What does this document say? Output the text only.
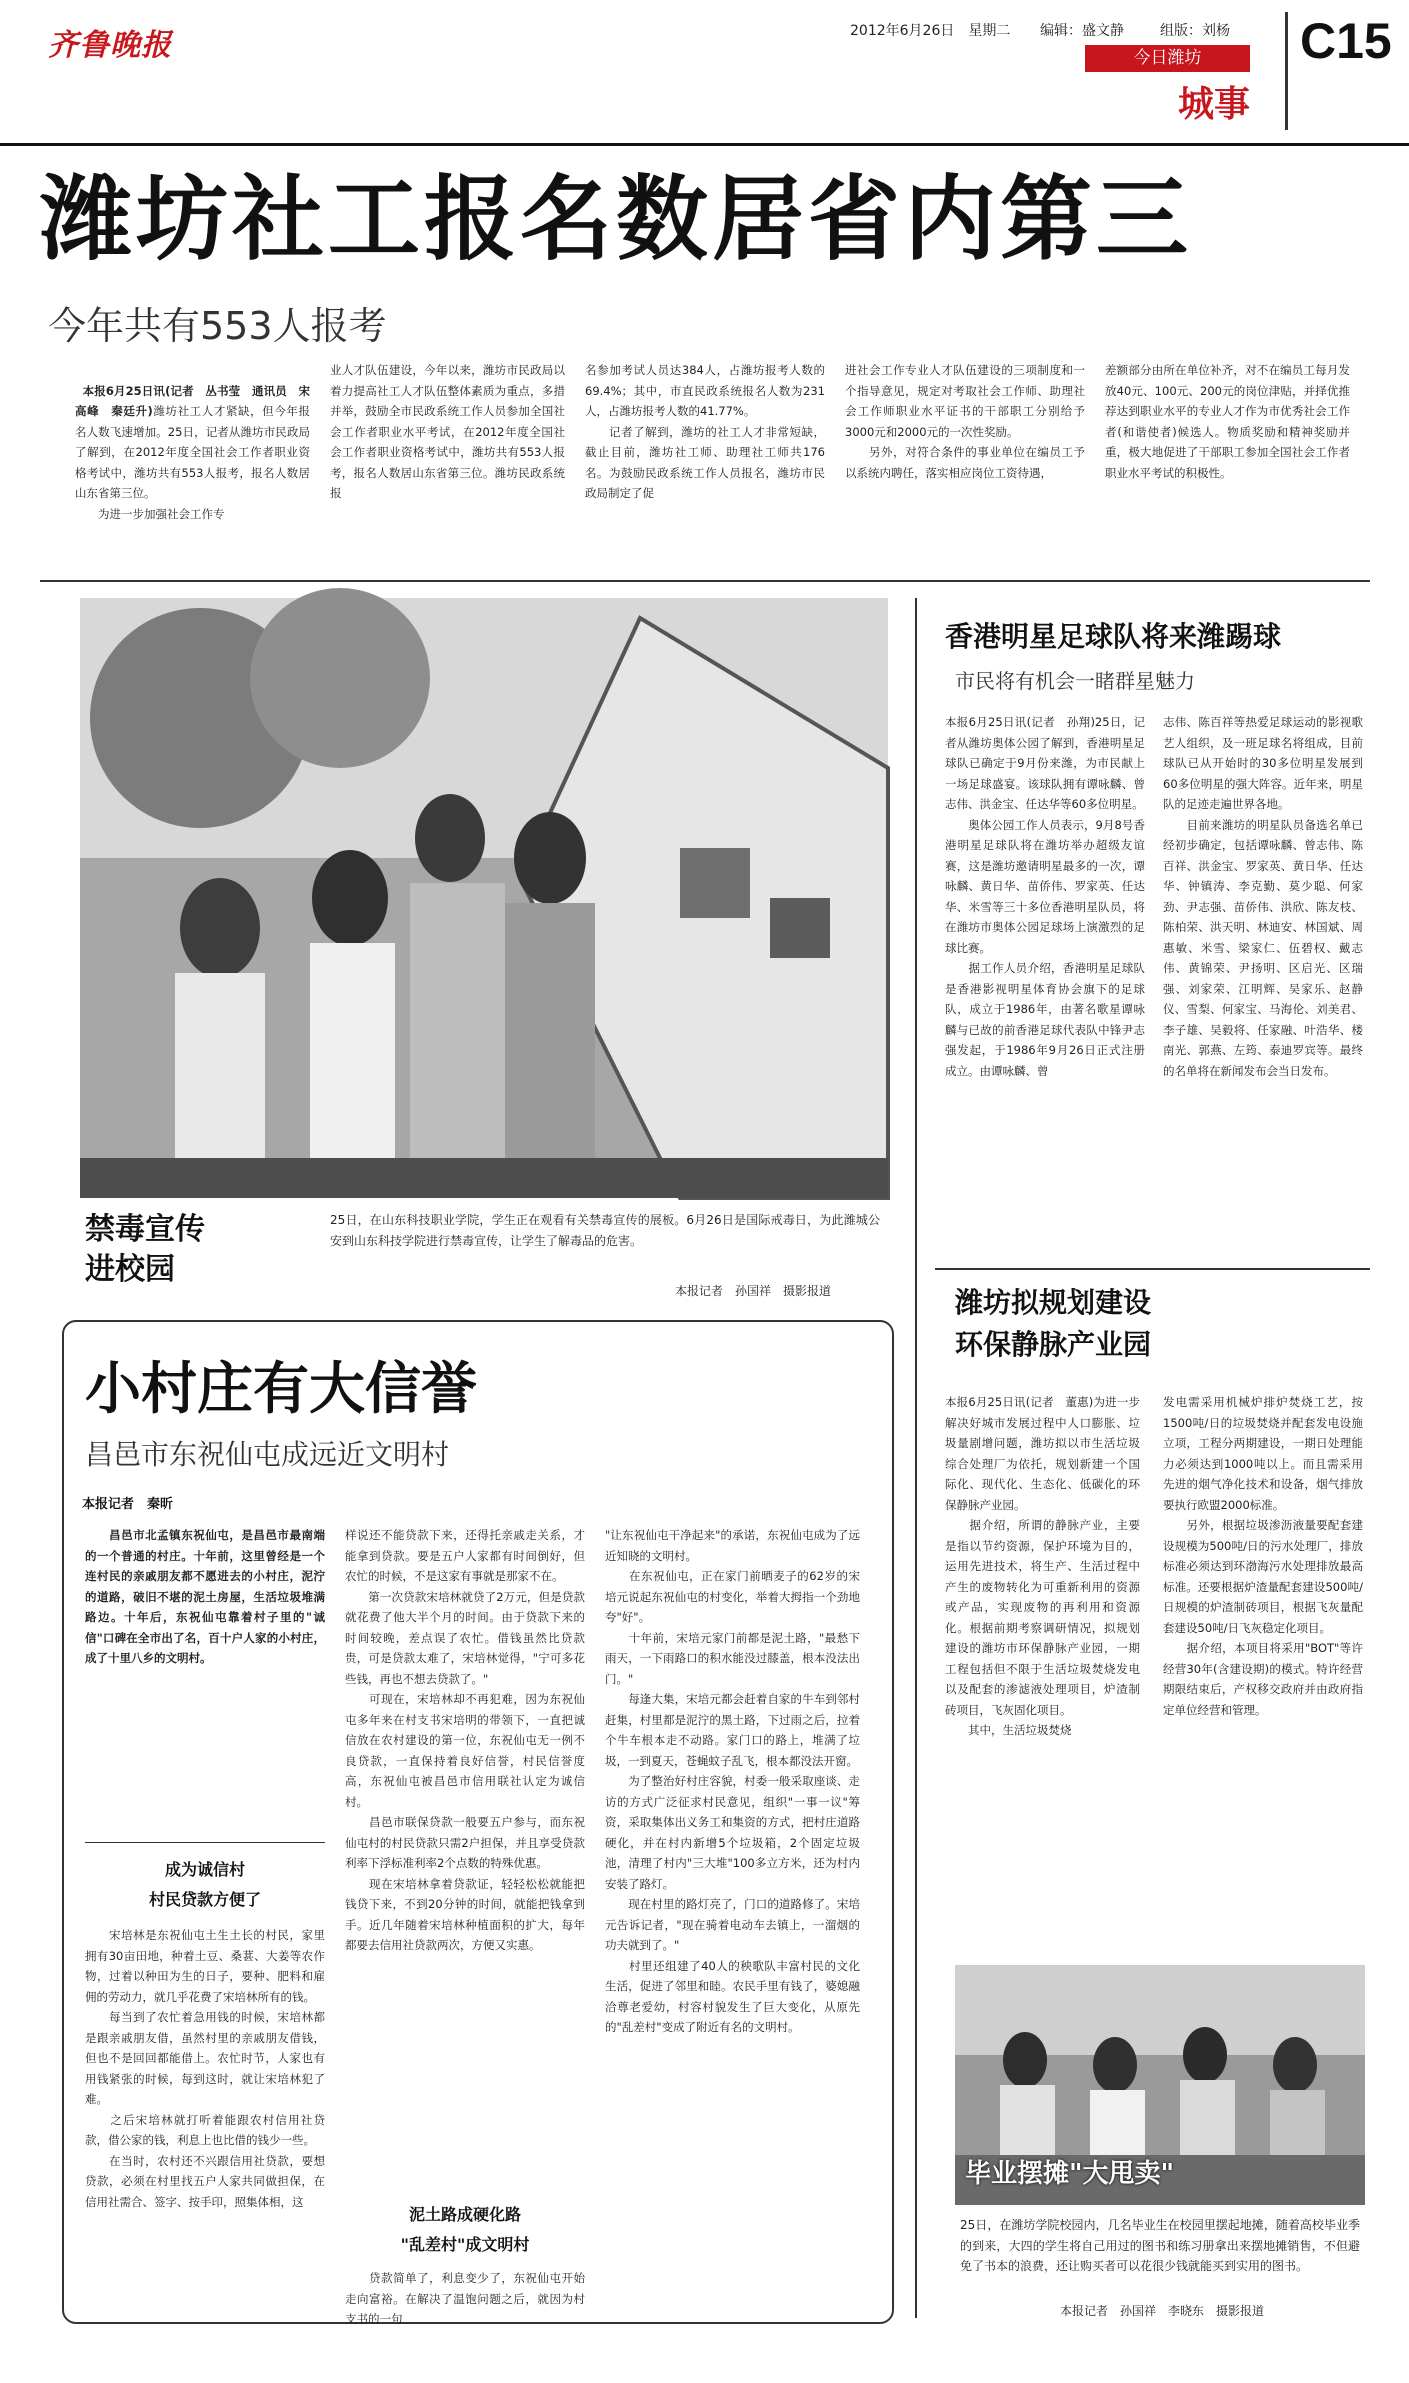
齐鲁晚报	2012年6月26日　星期二 编辑：盛文静	组版：刘杨
今日潍坊
城事
C15
潍坊社工报名数居省内第三
今年共有553人报考

本报6月25日讯(记者　丛书莹　通讯员　宋高峰　秦廷升)潍坊社工人才紧缺，但今年报名人数飞速增加。25日，记者从潍坊市民政局了解到，在2012年度全国社会工作者职业资格考试中，潍坊共有553人报考，报名人数居山东省第三位。
　　为进一步加强社会工作专

业人才队伍建设，今年以来，潍坊市民政局以着力提高社工人才队伍整体素质为重点，多措并举，鼓励全市民政系统工作人员参加全国社会工作者职业水平考试，在2012年度全国社会工作者职业资格考试中，潍坊共有553人报考，报名人数居山东省第三位。潍坊民政系统报
名参加考试人员达384人，占潍坊报考人数的69.4%；其中，市直民政系统报名人数为231人，占潍坊报考人数的41.77%。
　　记者了解到，潍坊的社工人才非常短缺，截止目前，潍坊社工师、助理社工师共176名。为鼓励民政系统工作人员报名，潍坊市民政局制定了促
进社会工作专业人才队伍建设的三项制度和一个指导意见，规定对考取社会工作师、助理社会工作师职业水平证书的干部职工分别给予3000元和2000元的一次性奖励。
　　另外，对符合条件的事业单位在编员工予以系统内聘任，落实相应岗位工资待遇，
差额部分由所在单位补齐，对不在编员工每月发放40元、100元、200元的岗位津贴，并择优推荐达到职业水平的专业人才作为市优秀社会工作者(和谐使者)候选人。物质奖励和精神奖励并重，极大地促进了干部职工参加全国社会工作者职业水平考试的积极性。
禁毒宣传
进校园
25日，在山东科技职业学院，学生正在观看有关禁毒宣传的展板。6月26日是国际戒毒日，为此潍城公安到山东科技学院进行禁毒宣传，让学生了解毒品的危害。
本报记者　孙国祥　摄影报道
香港明星足球队将来潍踢球
市民将有机会一睹群星魅力
本报6月25日讯(记者　孙翔)25日，记者从潍坊奥体公园了解到，香港明星足球队已确定于9月份来潍，为市民献上一场足球盛宴。该球队拥有谭咏麟、曾志伟、洪金宝、任达华等60多位明星。
　　奥体公园工作人员表示，9月8号香港明星足球队将在潍坊举办超级友谊赛，这是潍坊邀请明星最多的一次，谭咏麟、黄日华、苗侨伟、罗家英、任达华、米雪等三十多位香港明星队员，将在潍坊市奥体公园足球场上演激烈的足球比赛。
　　据工作人员介绍，香港明星足球队是香港影视明星体育协会旗下的足球队，成立于1986年，由著名歌星谭咏麟与已故的前香港足球代表队中锋尹志强发起，于1986年9月26日正式注册成立。由谭咏麟、曾
志伟、陈百祥等热爱足球运动的影视歌艺人组织，及一班足球名将组成，目前球队已从开始时的30多位明星发展到60多位明星的强大阵容。近年来，明星队的足迹走遍世界各地。
　　目前来潍坊的明星队员备选名单已经初步确定，包括谭咏麟、曾志伟、陈百祥、洪金宝、罗家英、黄日华、任达华、钟镇涛、李克勤、莫少聪、何家劲、尹志强、苗侨伟、洪欣、陈友枝、陈柏荣、洪天明、林迪安、林国斌、周惠敏、米雪、梁家仁、伍碧权、戴志伟、黄锦荣、尹扬明、区启光、区瑞强、刘家荣、江明辉、吴家乐、赵静仪、雪梨、何家宝、马海伦、刘美君、李子雄、吴毅将、任家融、叶浩华、楼南光、郭燕、左筠、泰迪罗宾等。最终的名单将在新闻发布会当日发布。
潍坊拟规划建设
环保静脉产业园
本报6月25日讯(记者　董惠)为进一步解决好城市发展过程中人口膨胀、垃圾量剧增问题，潍坊拟以市生活垃圾综合处理厂为依托，规划新建一个国际化、现代化、生态化、低碳化的环保静脉产业园。
　　据介绍，所谓的静脉产业，主要是指以节约资源，保护环境为目的，运用先进技术，将生产、生活过程中产生的废物转化为可重新利用的资源或产品，实现废物的再利用和资源化。根据前期考察调研情况，拟规划建设的潍坊市环保静脉产业园，一期工程包括但不限于生活垃圾焚烧发电以及配套的渗滤液处理项目，炉渣制砖项目，飞灰固化项目。
　　其中，生活垃圾焚烧
发电需采用机械炉排炉焚烧工艺，按1500吨/日的垃圾焚烧并配套发电设施立项，工程分两期建设，一期日处理能力必须达到1000吨以上。而且需采用先进的烟气净化技术和设备，烟气排放要执行欧盟2000标准。
　　另外，根据垃圾渗沥液量要配套建设规模为500吨/日的污水处理厂，排放标准必须达到环渤海污水处理排放最高标准。还要根据炉渣量配套建设500吨/日规模的炉渣制砖项目，根据飞灰量配套建设50吨/日飞灰稳定化项目。
　　据介绍，本项目将采用"BOT"等许经营30年(含建设期)的模式。特许经营期限结束后，产权移交政府并由政府指定单位经营和管理。
毕业摆摊"大甩卖"
25日，在潍坊学院校园内，几名毕业生在校园里摆起地摊，随着高校毕业季的到来，大四的学生将自己用过的图书和练习册拿出来摆地摊销售，不但避免了书本的浪费，还让购买者可以花很少钱就能买到实用的图书。
本报记者　孙国祥　李晓东　摄影报道
小村庄有大信誉
昌邑市东祝仙屯成远近文明村
本报记者　秦昕
　　昌邑市北孟镇东祝仙屯，是昌邑市最南端的一个普通的村庄。十年前，这里曾经是一个连村民的亲戚朋友都不愿进去的小村庄，泥泞的道路，破旧不堪的泥土房屋，生活垃圾堆满路边。十年后，东祝仙屯靠着村子里的"诚信"口碑在全市出了名，百十户人家的小村庄，成了十里八乡的文明村。
成为诚信村
村民贷款方便了
　　宋培林是东祝仙屯土生土长的村民，家里拥有30亩田地，种着土豆、桑葚、大姜等农作物，过着以种田为生的日子，要种、肥料和雇佣的劳动力，就几乎花费了宋培林所有的钱。
　　每当到了农忙着急用钱的时候，宋培林都是跟亲戚朋友借，虽然村里的亲戚朋友借钱，但也不是回回都能借上。农忙时节，人家也有用钱紧张的时候，每到这时，就让宋培林犯了难。
　　之后宋培林就打听着能跟农村信用社贷款，借公家的钱，利息上也比借的钱少一些。
　　在当时，农村还不兴跟信用社贷款，要想贷款，必须在村里找五户人家共同做担保，在信用社需合、签字、按手印，照集体相，这
样说还不能贷款下来，还得托亲戚走关系，才能拿到贷款。要是五户人家都有时间倒好，但农忙的时候，不是这家有事就是那家不在。
　　第一次贷款宋培林就贷了2万元，但是贷款就花费了他大半个月的时间。由于贷款下来的时间较晚，差点误了农忙。借钱虽然比贷款贵，可是贷款太难了，宋培林觉得，"宁可多花些钱，再也不想去贷款了。"
　　可现在，宋培林却不再犯难，因为东祝仙屯多年来在村支书宋培明的带领下，一直把诚信放在农村建设的第一位，东祝仙屯无一例不良贷款，一直保持着良好信誉，村民信誉度高，东祝仙屯被昌邑市信用联社认定为诚信村。
　　昌邑市联保贷款一般要五户参与，而东祝仙屯村的村民贷款只需2户担保，并且享受贷款利率下浮标准利率2个点数的特殊优惠。
　　现在宋培林拿着贷款证，轻轻松松就能把钱贷下来，不到20分钟的时间，就能把钱拿到手。近几年随着宋培林种植面积的扩大，每年都要去信用社贷款两次，方便又实惠。
泥土路成硬化路
"乱差村"成文明村
　　贷款简单了，利息变少了，东祝仙屯开始走向富裕。在解决了温饱问题之后，就因为村支书的一句
"让东祝仙屯干净起来"的承诺，东祝仙屯成为了远近知晓的文明村。
　　在东祝仙屯，正在家门前晒麦子的62岁的宋培元说起东祝仙屯的村变化，举着大拇指一个劲地夸"好"。
　　十年前，宋培元家门前都是泥土路，"最愁下雨天，一下雨路口的积水能没过膝盖，根本没法出门。"
　　每逢大集，宋培元都会赶着自家的牛车到邻村赶集，村里都是泥泞的黑土路，下过雨之后，拉着个牛车根本走不动路。家门口的路上，堆满了垃圾，一到夏天，苍蝇蚊子乱飞，根本都没法开窗。
　　为了整治好村庄容貌，村委一般采取座谈、走访的方式广泛征求村民意见，组织"一事一议"筹资，采取集体出义务工和集资的方式，把村庄道路硬化，并在村内新增5个垃圾箱，2个固定垃圾池，清理了村内"三大堆"100多立方米，还为村内安装了路灯。
　　现在村里的路灯亮了，门口的道路修了。宋培元告诉记者，"现在骑着电动车去镇上，一溜烟的功夫就到了。"
　　村里还组建了40人的秧歌队丰富村民的文化生活，促进了邻里和睦。农民手里有钱了，婆媳融洽尊老爱幼，村容村貌发生了巨大变化，从原先的"乱差村"变成了附近有名的文明村。
